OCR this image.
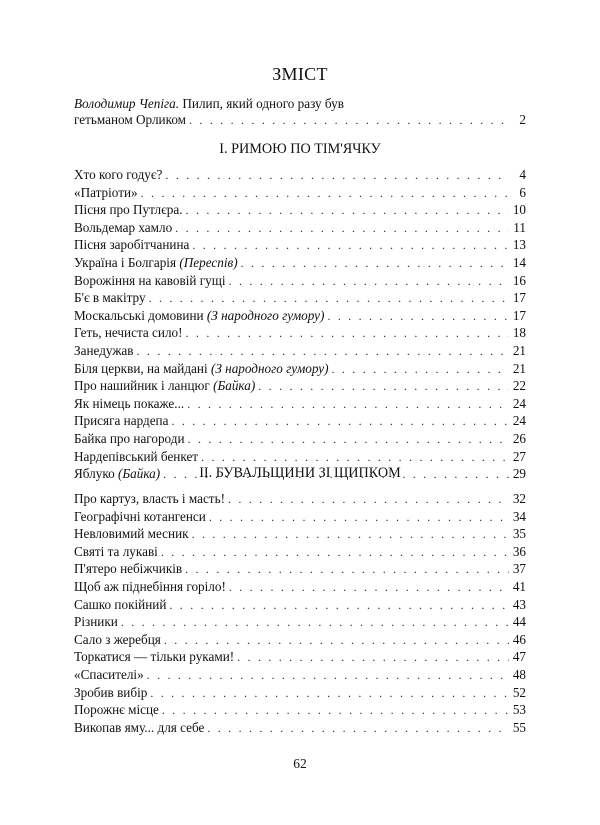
ЗМІСТ
Володимир Чепіга. Пилип, який одного разу був
гетьманом Орликом . . .	2
І. РИМОЮ ПО ТІМ'ЯЧКУ
Хто кого годує? . . .	4
«Патріоти» . . .	6
Пісня про Путлєра. . . .	10
Вольдемар хамло . . .	11
Пісня заробітчанина . . .	13
Україна і Болгарія (Переспів) . . .	14
Ворожіння на кавовій гущі . . .	16
Б'є в макітру . . .	17
Москальські домовини (З народного гумору) . . .	17
Геть, нечиста сило! . . .	18
Занедужав . . .	21
Біля церкви, на майдані (З народного гумору) . . .	21
Про нашийник і ланцюг (Байка) . . .	22
Як німець покаже... . . .	24
Присяга нардепа . . .	24
Байка про нагороди . . .	26
Нардепівський бенкет . . .	27
Яблуко (Байка) . . .	29
ІІ. БУВАЛЬЩИНИ ЗІ ЩИПКОМ
Про картуз, власть і масть! . . .	32
Географічні котангенси . . .	34
Невловимий месник . . .	35
Святі та лукаві . . .	36
П'ятеро небіжчиків . . .	37
Щоб аж піднебіння горіло! . . .	41
Сашко покійний . . .	43
Різники . . .	44
Сало з жеребця . . .	46
Торкатися — тільки руками! . . .	47
«Спасителі» . . .	48
Зробив вибір . . .	52
Порожнє місце . . .	53
Викопав яму... для себе . . .	55
62
